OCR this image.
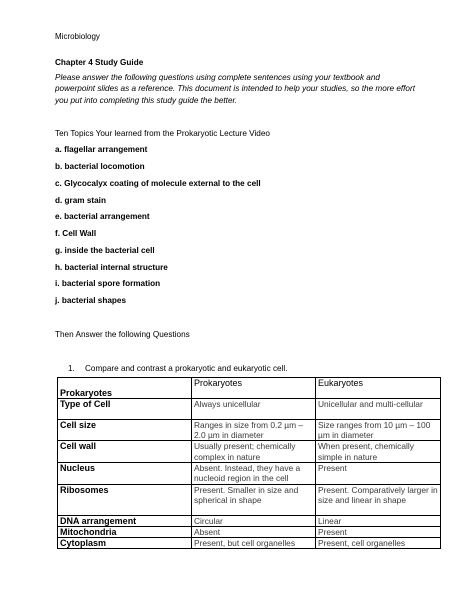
Microbiology
Chapter 4 Study Guide
Please answer the following questions using complete sentences using your textbook and powerpoint slides as a reference. This document is intended to help your studies, so the more effort you put into completing this study guide the better.
Ten Topics Your learned from the Prokaryotic Lecture Video
a. flagellar arrangement
b. bacterial locomotion
c. Glycocalyx coating of molecule external to the cell
d. gram stain
e. bacterial arrangement
f. Cell Wall
g. inside the bacterial cell
h. bacterial internal structure
i. bacterial spore formation
j. bacterial shapes
Then Answer the following Questions
1. Compare and contrast a prokaryotic and eukaryotic cell.
Prokaryotes	Prokaryotes	Eukaryotes
Type of Cell	Always unicellular	Unicellular and multi-cellular
Cell size	Ranges in size from 0.2 µm – 2.0 µm in diameter	Size ranges from 10 µm – 100 µm in diameter
Cell wall	Usually present; chemically complex in nature	When present, chemically simple in nature
Nucleus	Absent. Instead, they have a nucleoid region in the cell	Present
Ribosomes	Present. Smaller in size and spherical in shape	Present. Comparatively larger in size and linear in shape
DNA arrangement	Circular	Linear
Mitochondria	Absent	Present
Cytoplasm	Present, but cell organelles	Present, cell organelles
